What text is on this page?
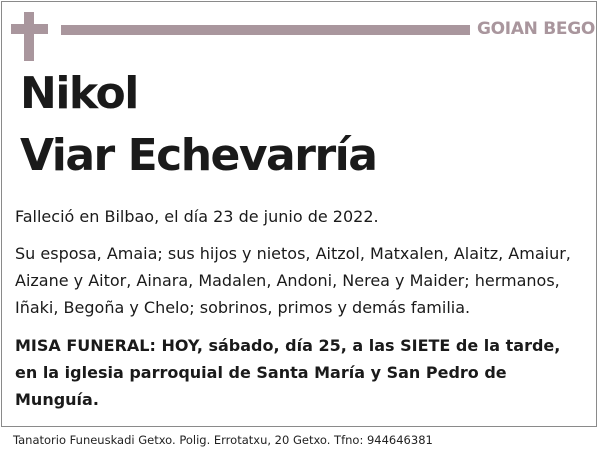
GOIAN BEGO
Nikol
Viar Echevarría
Falleció en Bilbao, el día 23 de junio de 2022.
Su esposa, Amaia; sus hijos y nietos, Aitzol, Matxalen, Alaitz, Amaiur, Aizane y Aitor, Ainara, Madalen, Andoni, Nerea y Maider; hermanos, Iñaki, Begoña y Chelo; sobrinos, primos y demás familia.
MISA FUNERAL: HOY, sábado, día 25, a las SIETE de la tarde, en la iglesia parroquial de Santa María y San Pedro de Munguía.
Tanatorio Funeuskadi Getxo. Polig. Errotatxu, 20 Getxo. Tfno: 944646381
